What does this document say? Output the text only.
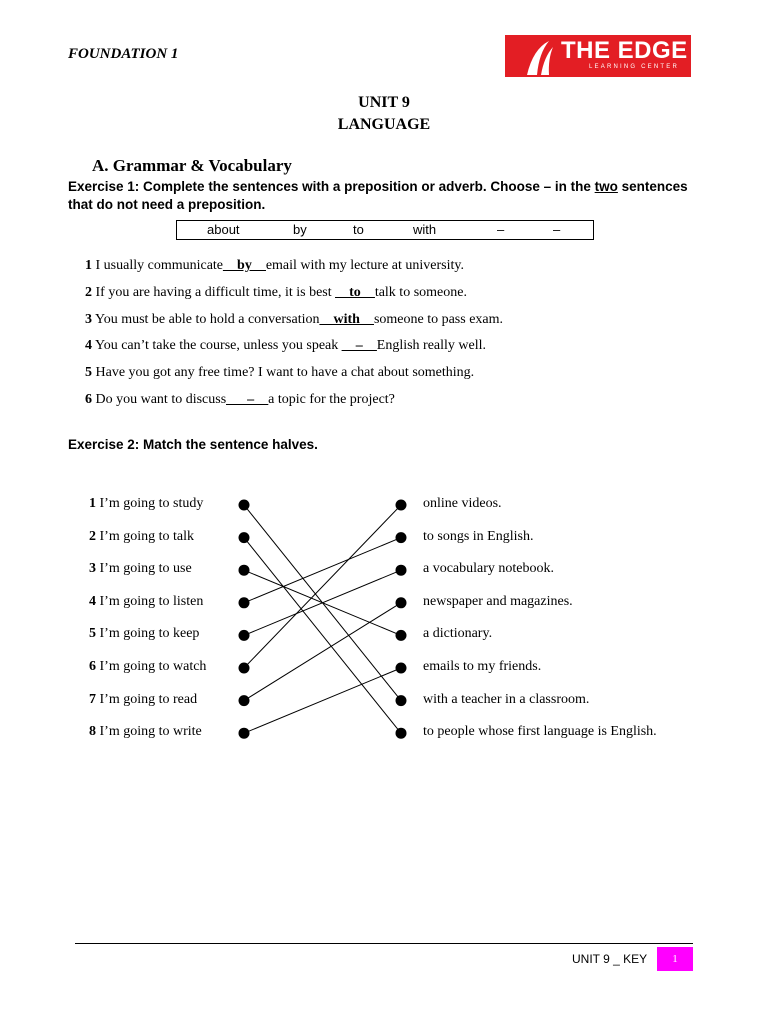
FOUNDATION 1	THE EDGE
LEARNING CENTER
UNIT 9
LANGUAGE
A. Grammar & Vocabulary
Exercise 1: Complete the sentences with a preposition or adverb. Choose – in the two sentences that do not need a preposition.
about	by	to	with	–	–
1 I usually communicate__by__email with my lecture at university.
2 If you are having a difficult time, it is best __to__talk to someone.
3 You must be able to hold a conversation__with__someone to pass exam.
4 You can’t take the course, unless you speak __–__English really well.
5 Have you got any free time? I want to have a chat about something.
6 Do you want to discuss___–__a topic for the project?
Exercise 2: Match the sentence halves.
1 I’m going to study
2 I’m going to talk
3 I’m going to use
4 I’m going to listen
5 I’m going to keep
6 I’m going to watch
7 I’m going to read
8 I’m going to write
online videos.
to songs in English.
a vocabulary notebook.
newspaper and magazines.
a dictionary.
emails to my friends.
with a teacher in a classroom.
to people whose first language is English.
UNIT 9 _ KEY	1
